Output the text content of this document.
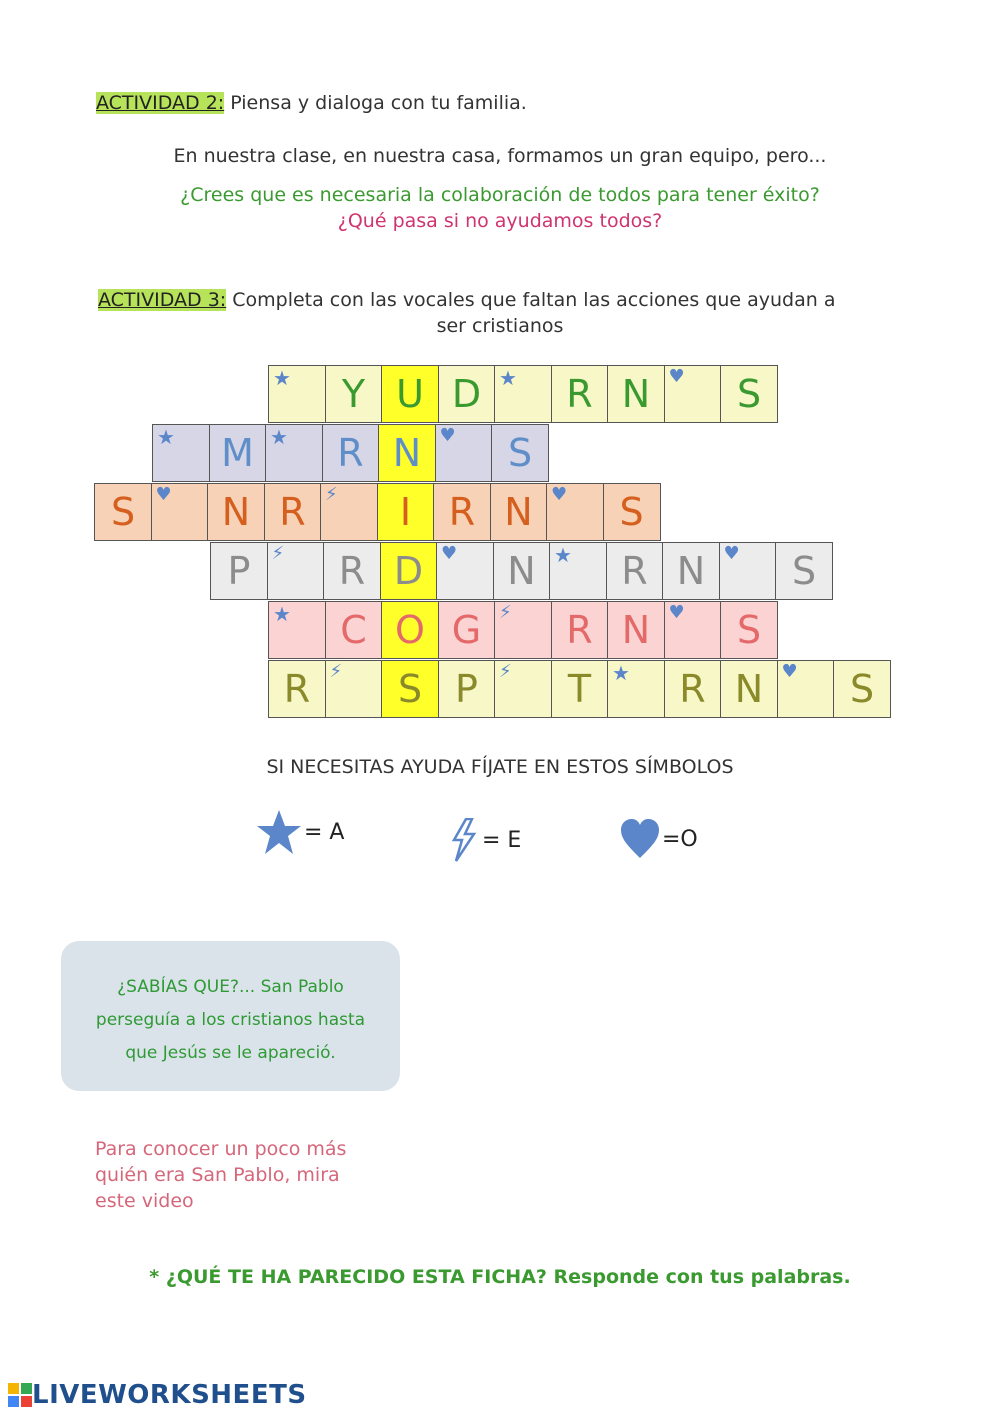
ACTIVIDAD 2: Piensa y dialoga con tu familia.
En nuestra clase, en nuestra casa, formamos un gran equipo, pero...
¿Crees que es necesaria la colaboración de todos para tener éxito?
¿Qué pasa si no ayudamos todos?
ACTIVIDAD 3: Completa con las vocales que faltan las acciones que ayudan a
ser cristianos
★ Y U D ★ R N ♥ S
★ M ★ R N ♥ S
S ♥ N R ⚡ I R N ♥ S
P ⚡ R D ♥ N ★ R N ♥ S
★ C O G ⚡ R N ♥ S
R ⚡ S P ⚡ T ★ R N ♥ S
SI NECESITAS AYUDA FÍJATE EN ESTOS SÍMBOLOS
= A	= E	=O
¿SABÍAS QUE?... San Pablo
perseguía a los cristianos hasta
que Jesús se le apareció.
Para conocer un poco más
quién era San Pablo, mira
este video
* ¿QUÉ TE HA PARECIDO ESTA FICHA? Responde con tus palabras.
LIVEWORKSHEETS
